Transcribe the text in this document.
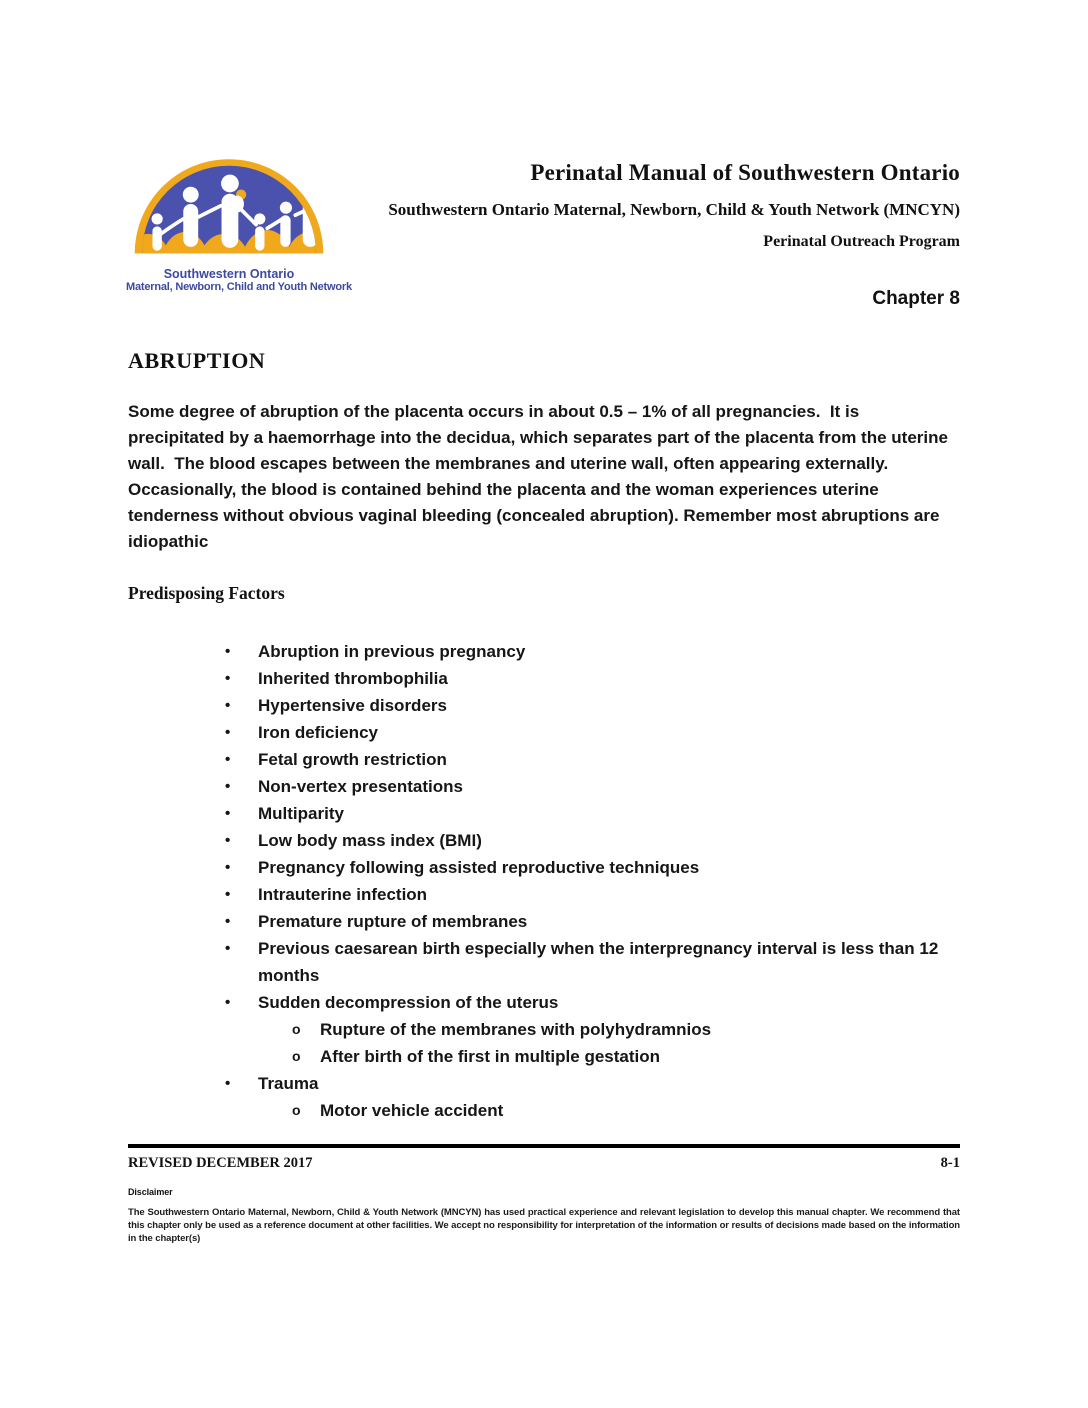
Southwestern Ontario
Maternal, Newborn, Child and Youth Network
Perinatal Manual of Southwestern Ontario
Southwestern Ontario Maternal, Newborn, Child & Youth Network (MNCYN)
Perinatal Outreach Program
Chapter 8
ABRUPTION
Some degree of abruption of the placenta occurs in about 0.5 – 1% of all pregnancies.  It is precipitated by a haemorrhage into the decidua, which separates part of the placenta from the uterine wall.  The blood escapes between the membranes and uterine wall, often appearing externally. Occasionally, the blood is contained behind the placenta and the woman experiences uterine tenderness without obvious vaginal bleeding (concealed abruption). Remember most abruptions are idiopathic
Predisposing Factors
• Abruption in previous pregnancy
• Inherited thrombophilia
• Hypertensive disorders
• Iron deficiency
• Fetal growth restriction
• Non-vertex presentations
• Multiparity
• Low body mass index (BMI)
• Pregnancy following assisted reproductive techniques
• Intrauterine infection
• Premature rupture of membranes
• Previous caesarean birth especially when the interpregnancy interval is less than 12 months
• Sudden decompression of the uterus
o Rupture of the membranes with polyhydramnios
o After birth of the first in multiple gestation
• Trauma
o Motor vehicle accident
REVISED DECEMBER 2017	8-1
Disclaimer
The Southwestern Ontario Maternal, Newborn, Child & Youth Network (MNCYN) has used practical experience and relevant legislation to develop this manual chapter. We recommend that this chapter only be used as a reference document at other facilities. We accept no responsibility for interpretation of the information or results of decisions made based on the information in the chapter(s)
